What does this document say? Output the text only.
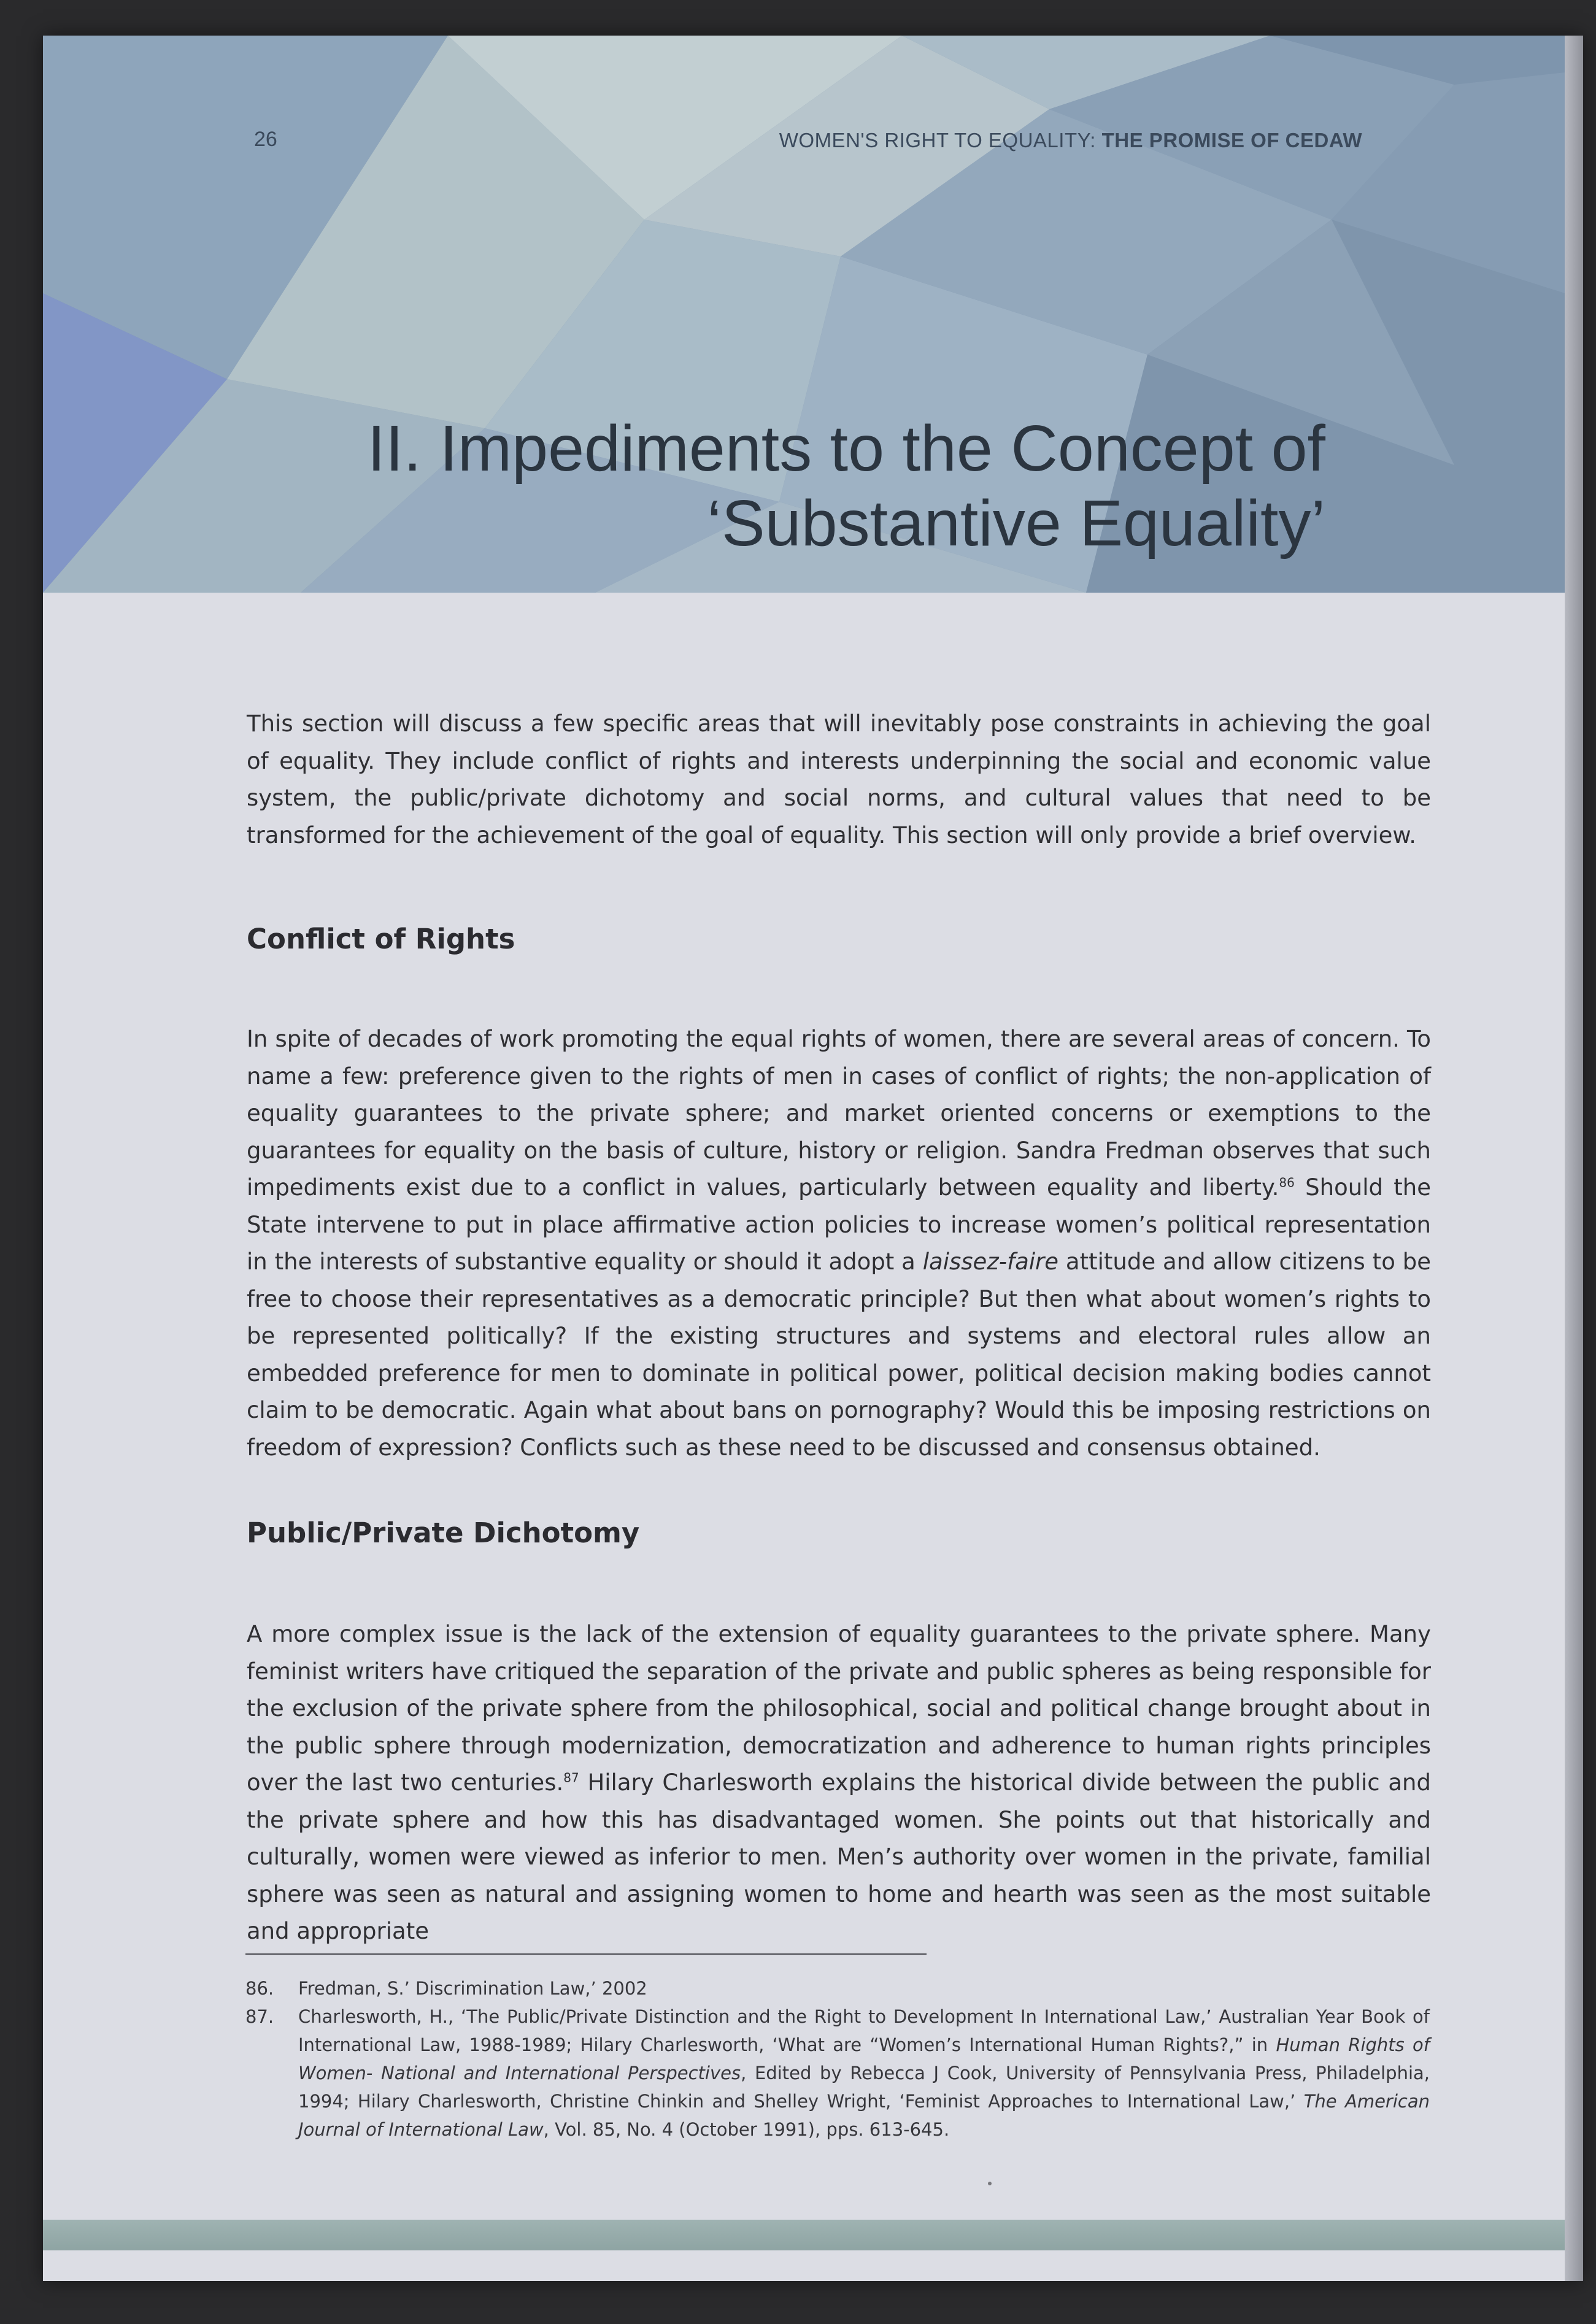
26	WOMEN'S RIGHT TO EQUALITY: THE PROMISE OF CEDAW
II. Impediments to the Concept of
‘Substantive Equality’

This section will discuss a few specific areas that will inevitably pose constraints in achieving the goal of equality. They include conflict of rights and interests underpinning the social and economic value system, the public/private dichotomy and social norms, and cultural values that need to be transformed for the achievement of the goal of equality. This section will only provide a brief overview.

Conflict of Rights

In spite of decades of work promoting the equal rights of women, there are several areas of concern. To name a few: preference given to the rights of men in cases of conflict of rights; the non-application of equality guarantees to the private sphere; and market oriented concerns or exemptions to the guarantees for equality on the basis of culture, history or religion. Sandra Fredman observes that such impediments exist due to a conflict in values, particularly between equality and liberty.$^{86}$ Should the State intervene to put in place affirmative action policies to increase women’s political representation in the interests of substantive equality or should it adopt a laissez-faire attitude and allow citizens to be free to choose their representatives as a democratic principle? But then what about women’s rights to be represented politically? If the existing structures and systems and electoral rules allow an embedded preference for men to dominate in political power, political decision making bodies cannot claim to be democratic. Again what about bans on pornography? Would this be imposing restrictions on freedom of expression? Conflicts such as these need to be discussed and consensus obtained.

Public/Private Dichotomy

A more complex issue is the lack of the extension of equality guarantees to the private sphere. Many feminist writers have critiqued the separation of the private and public spheres as being responsible for the exclusion of the private sphere from the philosophical, social and political change brought about in the public sphere through modernization, democratization and adherence to human rights principles over the last two centuries.$^{87}$ Hilary Charlesworth explains the historical divide between the public and the private sphere and how this has disadvantaged women. She points out that historically and culturally, women were viewed as inferior to men. Men’s authority over women in the private, familial sphere was seen as natural and assigning women to home and hearth was seen as the most suitable and appropriate

86.	Fredman, S.’ Discrimination Law,’ 2002
87.	Charlesworth, H., ‘The Public/Private Distinction and the Right to Development In International Law,’ Australian Year Book of International Law, 1988-1989; Hilary Charlesworth, ‘What are “Women’s International Human Rights?,” in Human Rights of Women- National and International Perspectives, Edited by Rebecca J Cook, University of Pennsylvania Press, Philadelphia, 1994; Hilary Charlesworth, Christine Chinkin and Shelley Wright, ‘Feminist Approaches to International Law,’ The American Journal of International Law, Vol. 85, No. 4 (October 1991), pps. 613-645.
